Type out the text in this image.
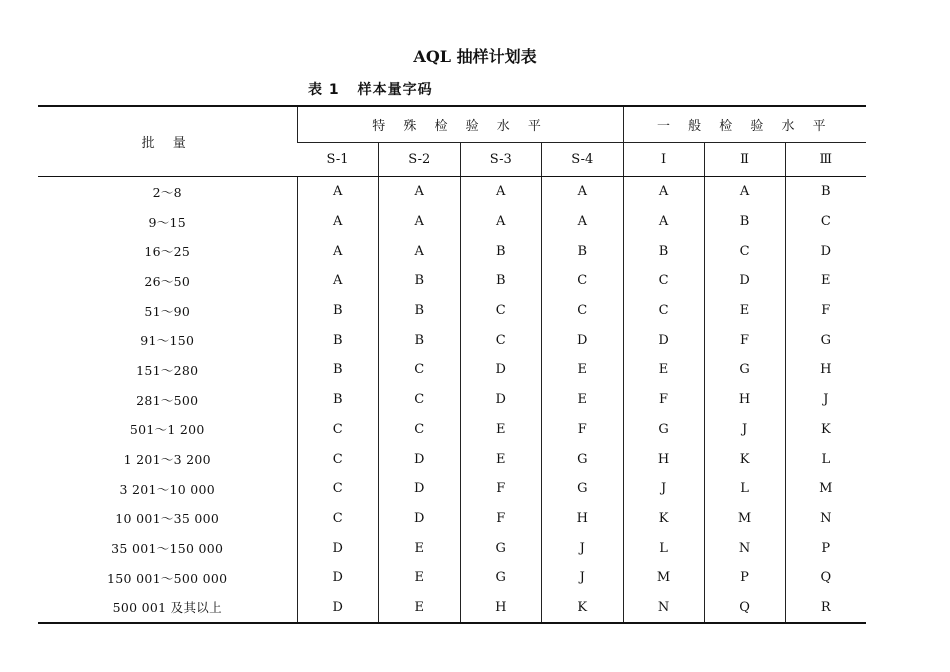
AQL 抽样计划表
表 1 样本量字码
批 量	特 殊 检 验 水 平				一 般 检 验 水 平		
	S-1	S-2	S-3	S-4	Ⅰ	Ⅱ	Ⅲ
2～8	A	A	A	A	A	A	B
9～15	A	A	A	A	A	B	C
16～25	A	A	B	B	B	C	D
26～50	A	B	B	C	C	D	E
51～90	B	B	C	C	C	E	F
91～150	B	B	C	D	D	F	G
151～280	B	C	D	E	E	G	H
281～500	B	C	D	E	F	H	J
501～1 200	C	C	E	F	G	J	K
1 201～3 200	C	D	E	G	H	K	L
3 201～10 000	C	D	F	G	J	L	M
10 001～35 000	C	D	F	H	K	M	N
35 001～150 000	D	E	G	J	L	N	P
150 001～500 000	D	E	G	J	M	P	Q
500 001 及其以上	D	E	H	K	N	Q	R
